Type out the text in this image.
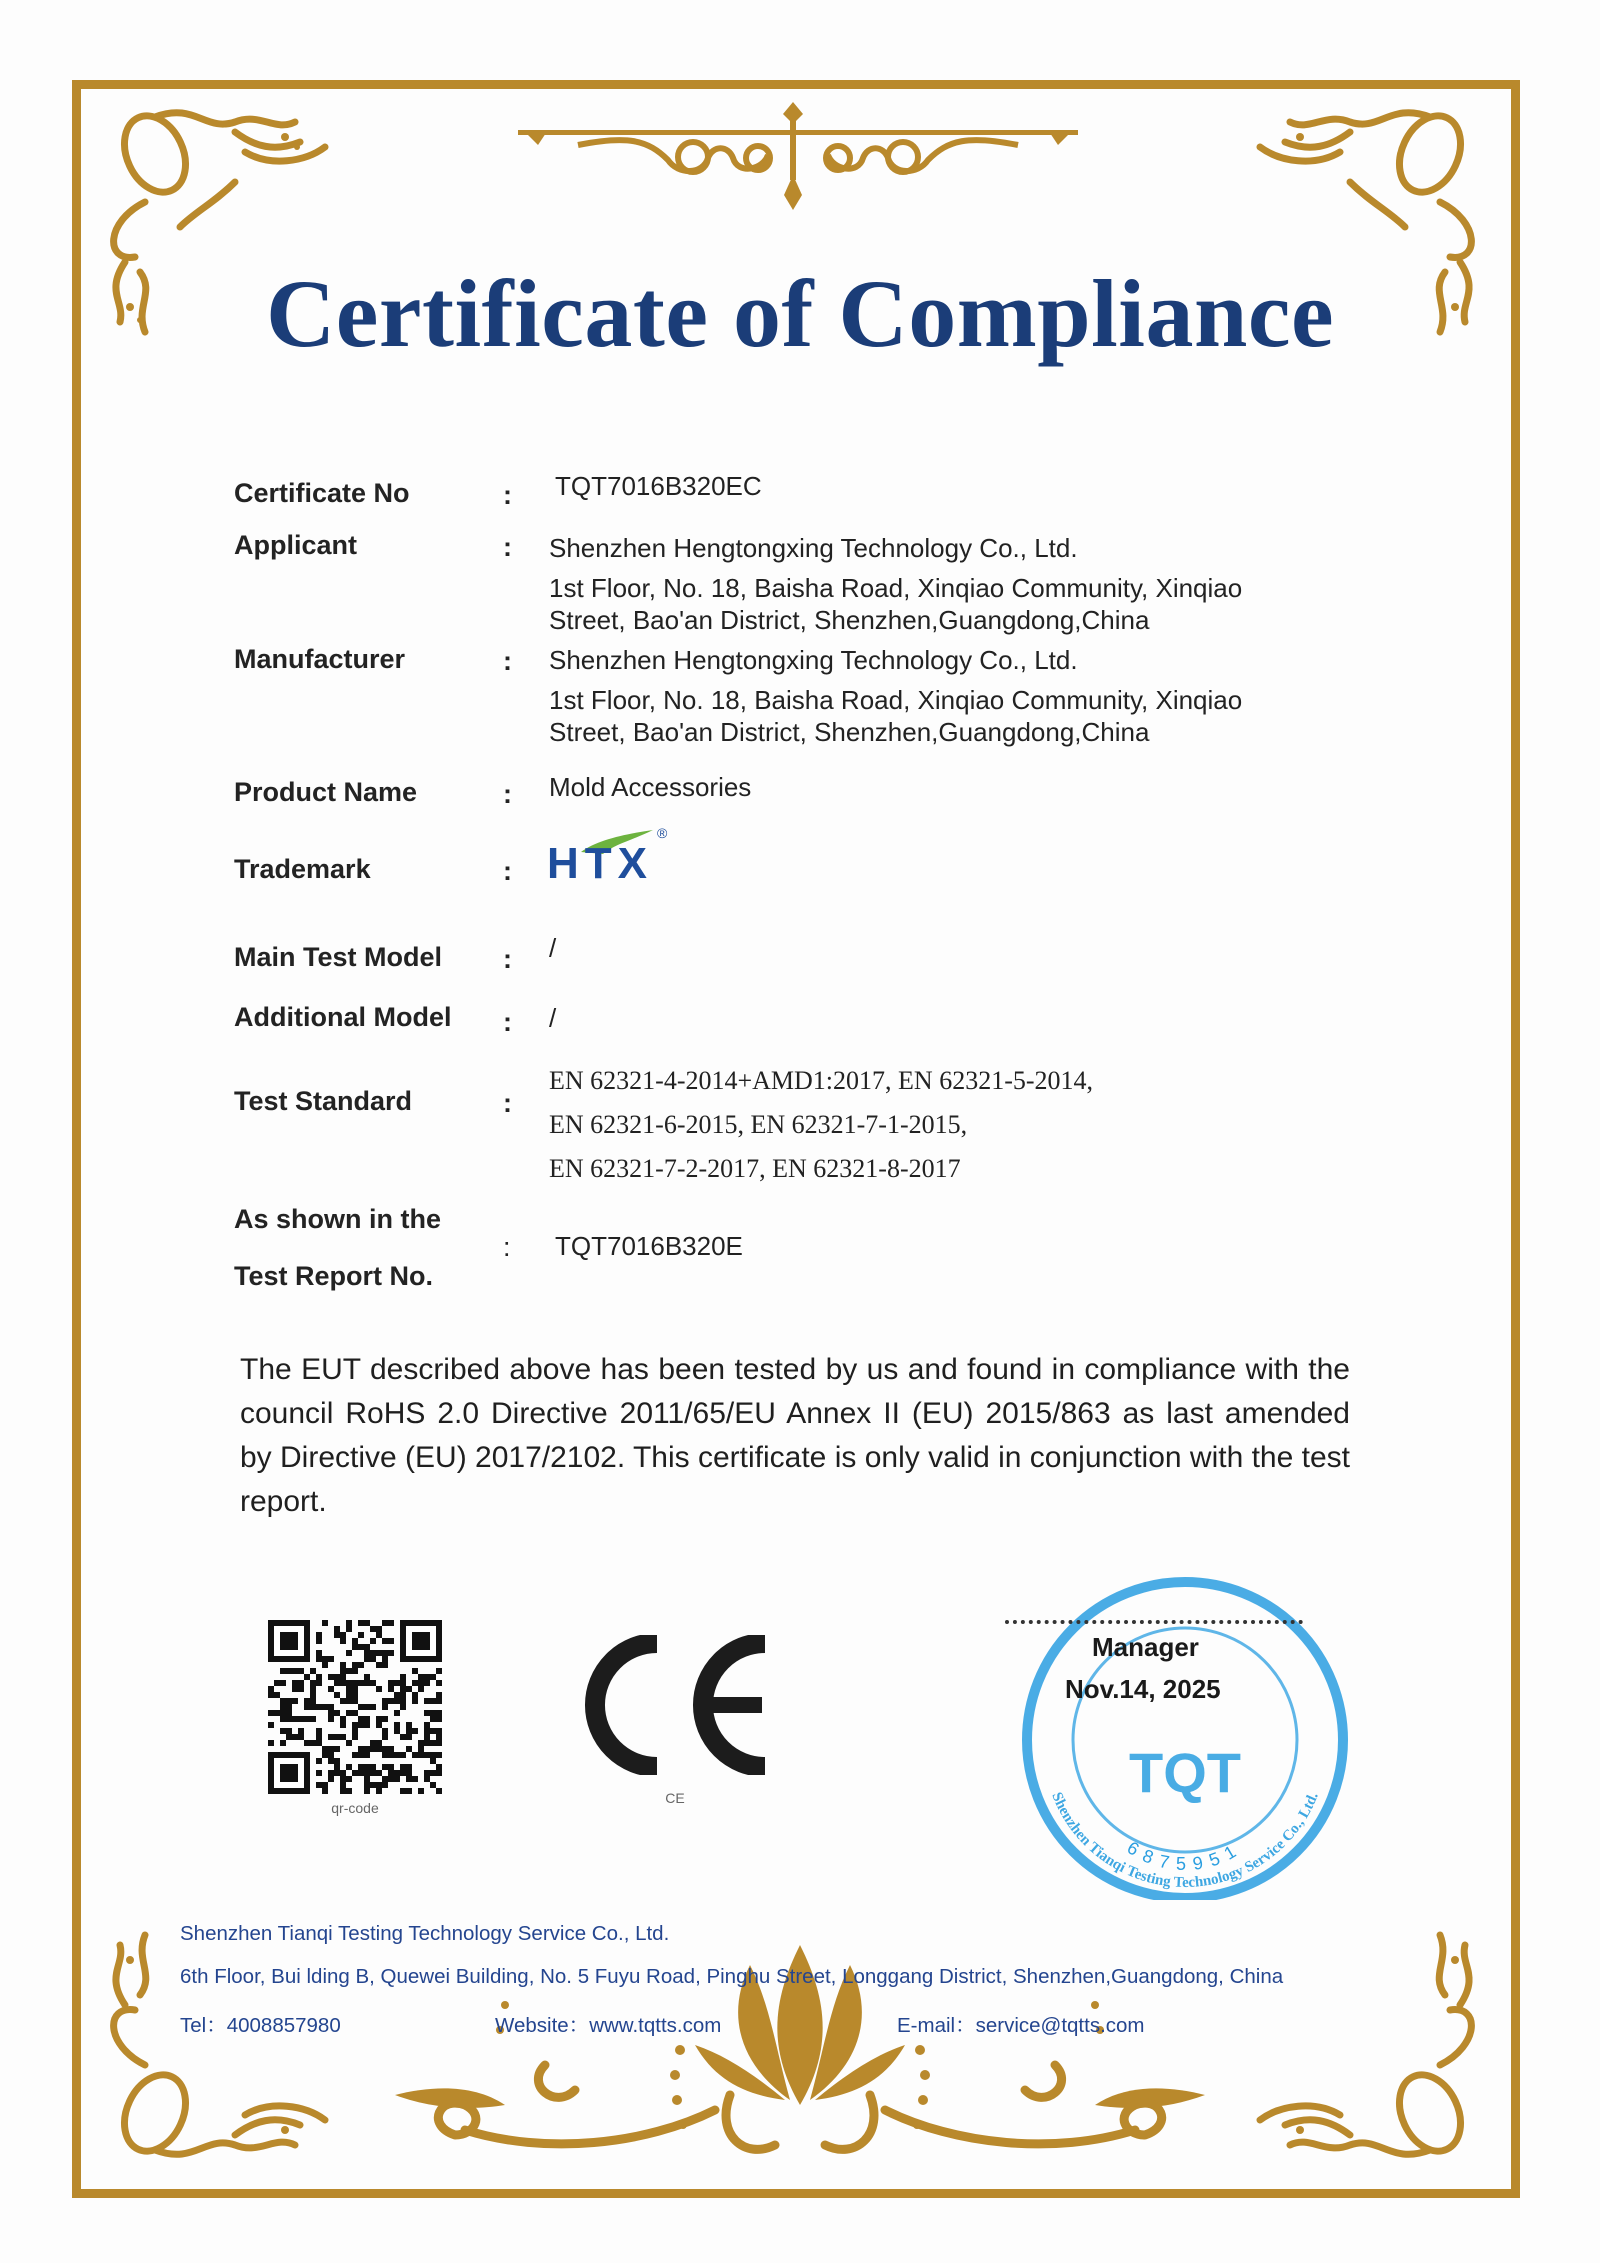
Certificate of Compliance
Certificate No	: TQT7016B320EC
Applicant	: Shenzhen Hengtongxing Technology Co., Ltd.
1st Floor, No. 18, Baisha Road, Xinqiao Community, Xinqiao
Street, Bao'an District, Shenzhen,Guangdong,China
Manufacturer	: Shenzhen Hengtongxing Technology Co., Ltd.
1st Floor, No. 18, Baisha Road, Xinqiao Community, Xinqiao
Street, Bao'an District, Shenzhen,Guangdong,China
Product Name	: Mold Accessories
Trademark	: HTX
®
Main Test Model : /
Additional Model : /
Test Standard	:
EN 62321-4-2014+AMD1:2017, EN 62321-5-2014,
EN 62321-6-2015, EN 62321-7-1-2015,
EN 62321-7-2-2017, EN 62321-8-2017
As shown in the
Test Report No.
: TQT7016B320E
The EUT described above has been tested by us and found in compliance with the council RoHS 2.0 Directive 2011/65/EU Annex II (EU) 2015/863 as last amended by Directive (EU) 2017/2102. This certificate is only valid in conjunction with the test report.
qr-code
CE	Shenzhen Tianqi Testing Technology Service Co., Ltd.
TQT
6875951
Manager
Nov.14, 2025
Shenzhen Tianqi Testing Technology Service Co., Ltd.
6th Floor, Bui lding B, Quewei Building, No. 5 Fuyu Road, Pinghu Street, Longgang District, Shenzhen,Guangdong, China
Tel：4008857980	Website：www.tqtts.com	E-mail：service@tqtts.com
